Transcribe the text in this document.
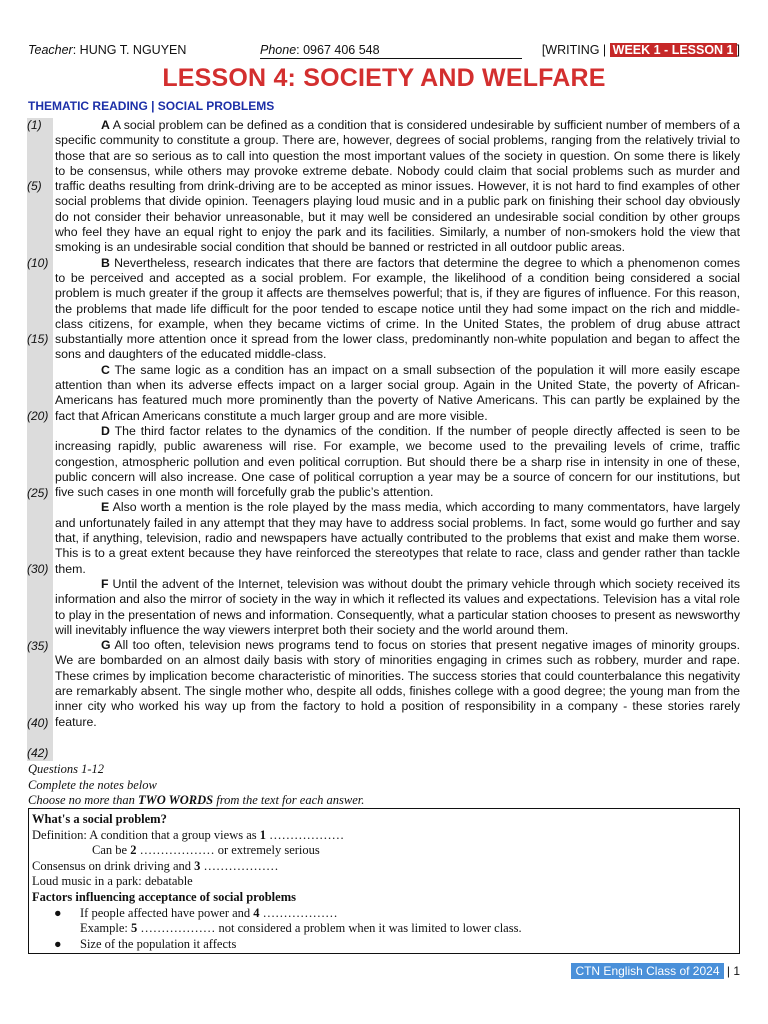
Teacher: HUNG T. NGUYEN	Phone: 0967 406 548	[WRITING | WEEK 1 - LESSON 1 ]
LESSON 4: SOCIETY AND WELFARE
THEMATIC READING | SOCIAL PROBLEMS
(1)
(5)
(10)
(15)
(20)
(25)
(30)
(35)
(40)
(42)

A A social problem can be defined as a condition that is considered undesirable by sufficient number of members of a specific community to constitute a group. There are, however, degrees of social problems, ranging from the relatively trivial to those that are so serious as to call into question the most important values of the society in question. On some there is likely to be consensus, while others may provoke extreme debate. Nobody could claim that social problems such as murder and traffic deaths resulting from drink-driving are to be accepted as minor issues. However, it is not hard to find examples of other social problems that divide opinion. Teenagers playing loud music and in a public park on finishing their school day obviously do not consider their behavior unreasonable, but it may well be considered an undesirable social condition by other groups who feel they have an equal right to enjoy the park and its facilities. Similarly, a number of non-smokers hold the view that smoking is an undesirable social condition that should be banned or restricted in all outdoor public areas.

B Nevertheless, research indicates that there are factors that determine the degree to which a phenomenon comes to be perceived and accepted as a social problem. For example, the likelihood of a condition being considered a social problem is much greater if the group it affects are themselves powerful; that is, if they are figures of influence. For this reason, the problems that made life difficult for the poor tended to escape notice until they had some impact on the rich and middle-class citizens, for example, when they became victims of crime. In the United States, the problem of drug abuse attract substantially more attention once it spread from the lower class, predominantly non-white population and began to affect the sons and daughters of the educated middle-class.

C The same logic as a condition has an impact on a small subsection of the population it will more easily escape attention than when its adverse effects impact on a larger social group. Again in the United State, the poverty of African-Americans has featured much more prominently than the poverty of Native Americans. This can partly be explained by the fact that African Americans constitute a much larger group and are more visible.

D The third factor relates to the dynamics of the condition. If the number of people directly affected is seen to be increasing rapidly, public awareness will rise. For example, we become used to the prevailing levels of crime, traffic congestion, atmospheric pollution and even political corruption. But should there be a sharp rise in intensity in one of these, public concern will also increase. One case of political corruption a year may be a source of concern for our institutions, but five such cases in one month will forcefully grab the public’s attention.

E Also worth a mention is the role played by the mass media, which according to many commentators, have largely and unfortunately failed in any attempt that they may have to address social problems. In fact, some would go further and say that, if anything, television, radio and newspapers have actually contributed to the problems that exist and make them worse. This is to a great extent because they have reinforced the stereotypes that relate to race, class and gender rather than tackle them.

F Until the advent of the Internet, television was without doubt the primary vehicle through which society received its information and also the mirror of society in the way in which it reflected its values and expectations. Television has a vital role to play in the presentation of news and information. Consequently, what a particular station chooses to present as newsworthy will inevitably influence the way viewers interpret both their society and the world around them.

G All too often, television news programs tend to focus on stories that present negative images of minority groups. We are bombarded on an almost daily basis with story of minorities engaging in crimes such as robbery, murder and rape. These crimes by implication become characteristic of minorities. The success stories that could counterbalance this negativity are remarkably absent. The single mother who, despite all odds, finishes college with a good degree; the young man from the inner city who worked his way up from the factory to hold a position of responsibility in a company - these stories rarely feature.

Questions 1-12
Complete the notes below
Choose no more than TWO WORDS from the text for each answer.
What's a social problem?
Definition: A condition that a group views as 1 ………………
Can be 2 ……………… or extremely serious
Consensus on drink driving and 3 ………………
Loud music in a park: debatable
Factors influencing acceptance of social problems
● If people affected have power and 4 ………………
Example: 5 ……………… not considered a problem when it was limited to lower class.
● Size of the population it affects
CTN English Class of 2024 | 1
